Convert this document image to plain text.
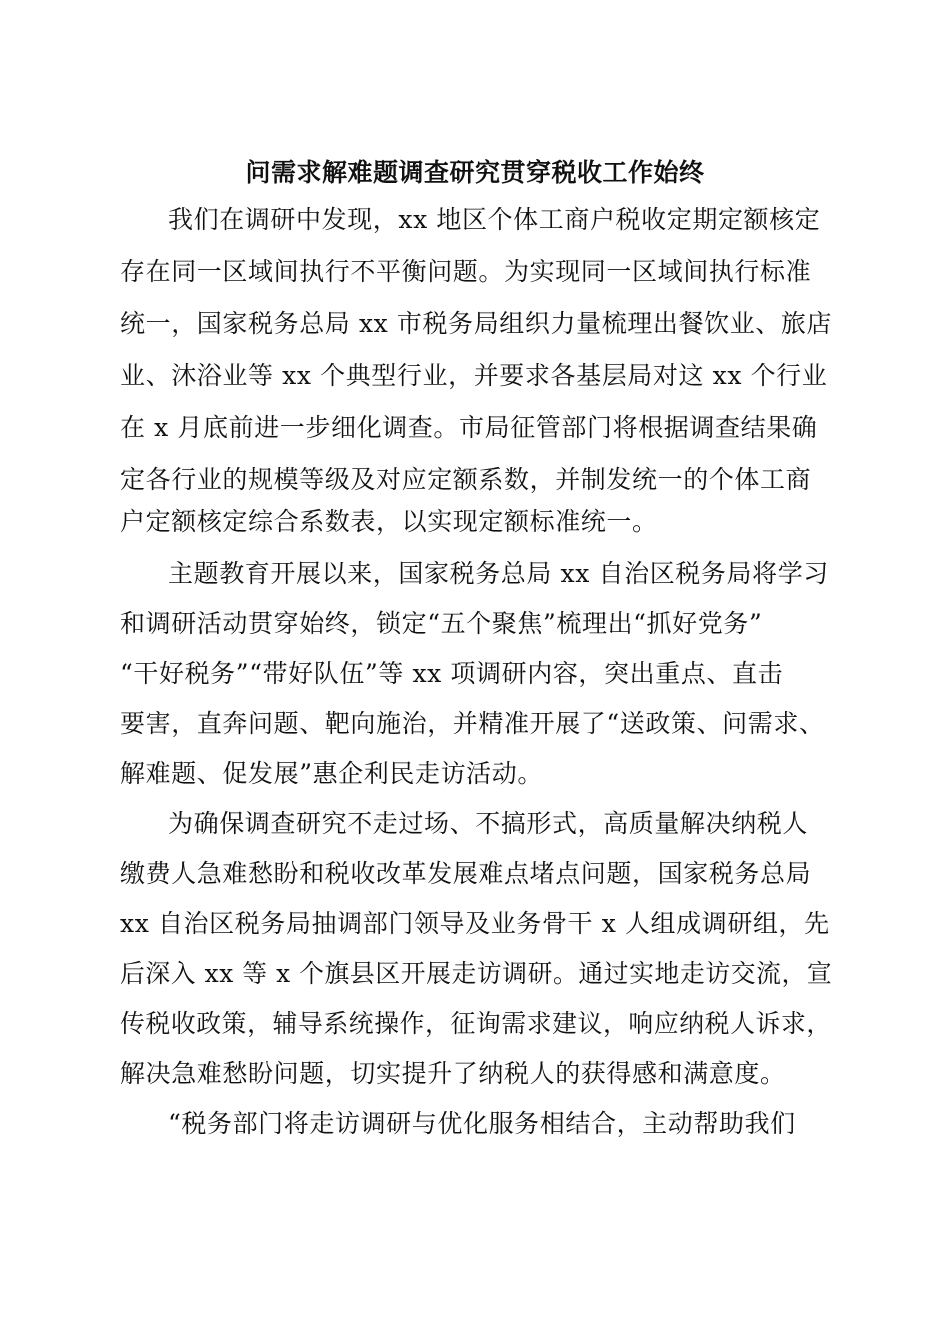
问需求解难题调查研究贯穿税收工作始终
我们在调研中发现，xx 地区个体工商户税收定期定额核定
存在同一区域间执行不平衡问题。为实现同一区域间执行标准
统一，国家税务总局 xx 市税务局组织力量梳理出餐饮业、旅店
业、沐浴业等 xx 个典型行业，并要求各基层局对这 xx 个行业
在 x 月底前进一步细化调查。市局征管部门将根据调查结果确
定各行业的规模等级及对应定额系数，并制发统一的个体工商
户定额核定综合系数表，以实现定额标准统一。
主题教育开展以来，国家税务总局 xx 自治区税务局将学习
和调研活动贯穿始终，锁定“五个聚焦”梳理出“抓好党务”
“干好税务”“带好队伍”等 xx 项调研内容，突出重点、直击
要害，直奔问题、靶向施治，并精准开展了“送政策、问需求、
解难题、促发展”惠企利民走访活动。
为确保调查研究不走过场、不搞形式，高质量解决纳税人
缴费人急难愁盼和税收改革发展难点堵点问题，国家税务总局
xx 自治区税务局抽调部门领导及业务骨干 x 人组成调研组，先
后深入 xx 等 x 个旗县区开展走访调研。通过实地走访交流，宣
传税收政策，辅导系统操作，征询需求建议，响应纳税人诉求，
解决急难愁盼问题，切实提升了纳税人的获得感和满意度。
“税务部门将走访调研与优化服务相结合，主动帮助我们
